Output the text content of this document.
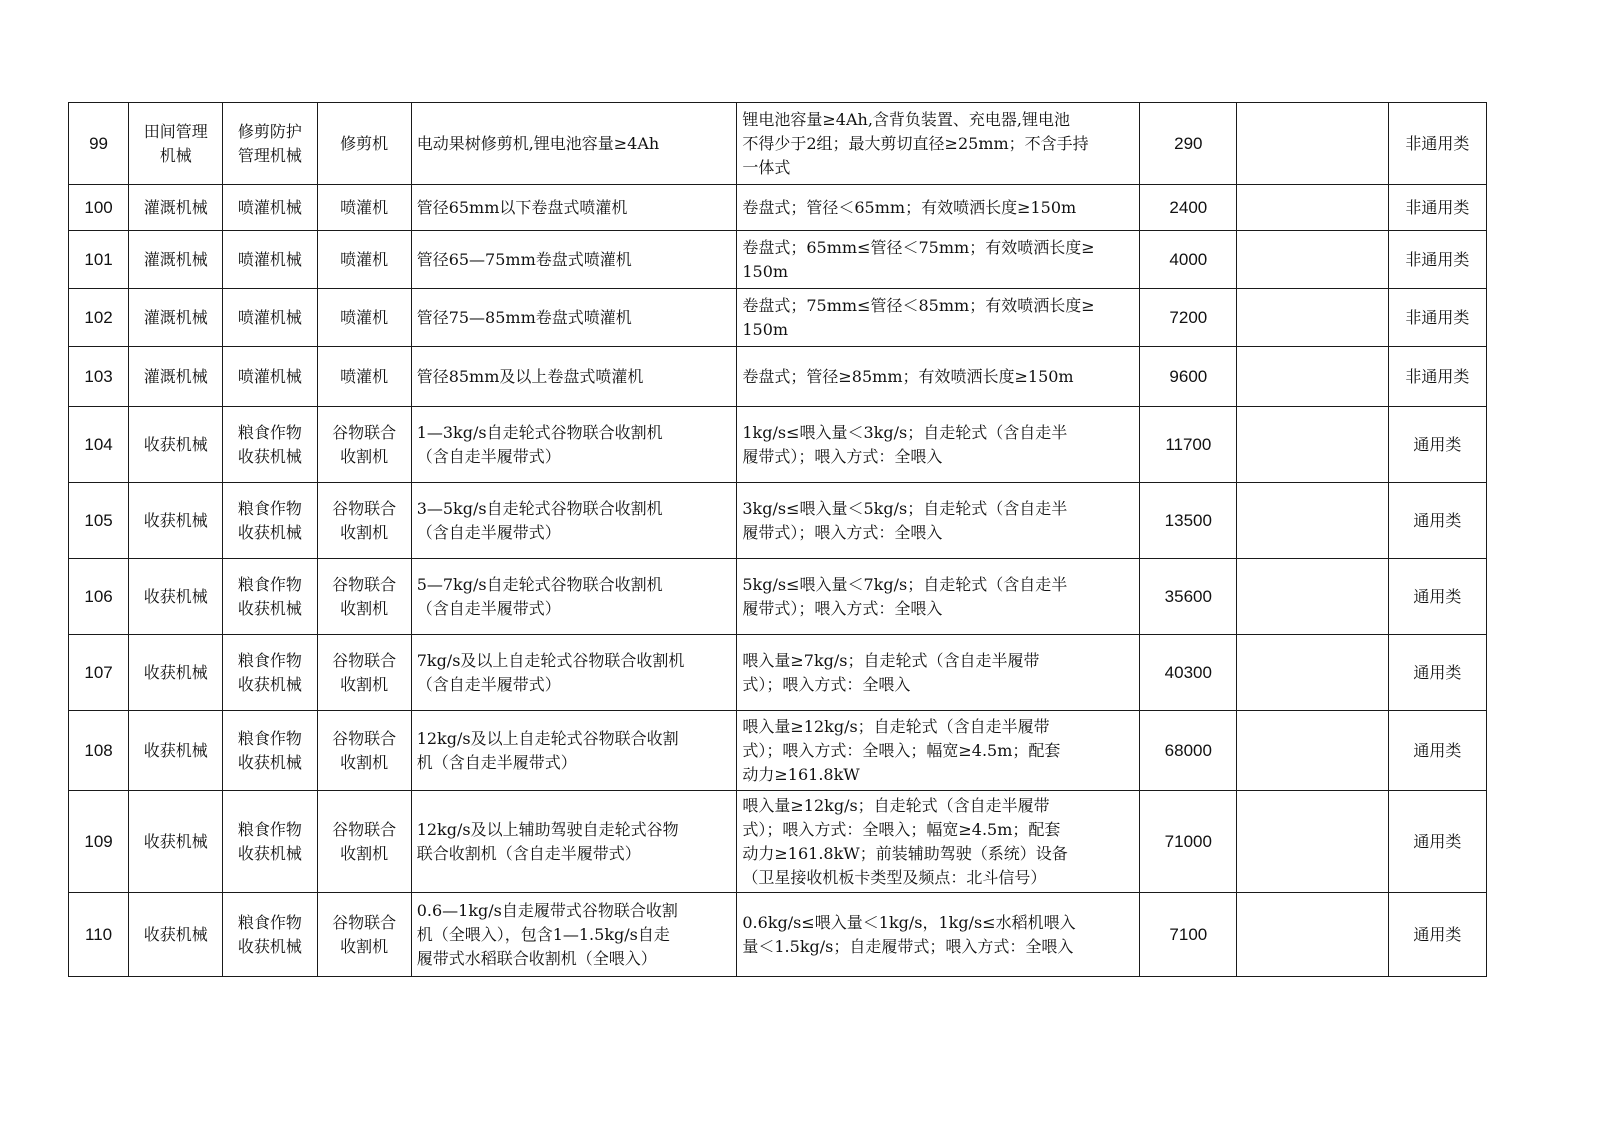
99	田间管理
机械	修剪防护
管理机械	修剪机	电动果树修剪机,锂电池容量≥4Ah	锂电池容量≥4Ah,含背负装置、充电器,锂电池
不得少于2组；最大剪切直径≥25mm；不含手持
一体式	290		非通用类

100	灌溉机械	喷灌机械	喷灌机	管径65mm以下卷盘式喷灌机	卷盘式；管径＜65mm；有效喷洒长度≥150m	2400		非通用类

101	灌溉机械	喷灌机械	喷灌机	管径65—75mm卷盘式喷灌机	卷盘式；65mm≤管径＜75mm；有效喷洒长度≥
150m	4000		非通用类

102	灌溉机械	喷灌机械	喷灌机	管径75—85mm卷盘式喷灌机	卷盘式；75mm≤管径＜85mm；有效喷洒长度≥
150m	7200		非通用类

103	灌溉机械	喷灌机械	喷灌机	管径85mm及以上卷盘式喷灌机	卷盘式；管径≥85mm；有效喷洒长度≥150m	9600		非通用类

104	收获机械	粮食作物
收获机械	谷物联合
收割机	1—3kg/s自走轮式谷物联合收割机
（含自走半履带式）	1kg/s≤喂入量＜3kg/s；自走轮式（含自走半
履带式）；喂入方式：全喂入	11700		通用类

105	收获机械	粮食作物
收获机械	谷物联合
收割机	3—5kg/s自走轮式谷物联合收割机
（含自走半履带式）	3kg/s≤喂入量＜5kg/s；自走轮式（含自走半
履带式）；喂入方式：全喂入	13500		通用类

106	收获机械	粮食作物
收获机械	谷物联合
收割机	5—7kg/s自走轮式谷物联合收割机
（含自走半履带式）	5kg/s≤喂入量＜7kg/s；自走轮式（含自走半
履带式）；喂入方式：全喂入	35600		通用类

107	收获机械	粮食作物
收获机械	谷物联合
收割机	7kg/s及以上自走轮式谷物联合收割机
（含自走半履带式）	喂入量≥7kg/s；自走轮式（含自走半履带
式）；喂入方式：全喂入	40300		通用类

108	收获机械	粮食作物
收获机械	谷物联合
收割机	12kg/s及以上自走轮式谷物联合收割
机（含自走半履带式）	喂入量≥12kg/s；自走轮式（含自走半履带
式）；喂入方式：全喂入；幅宽≥4.5m；配套
动力≥161.8kW	68000		通用类

109	收获机械	粮食作物
收获机械	谷物联合
收割机	12kg/s及以上辅助驾驶自走轮式谷物
联合收割机（含自走半履带式）	喂入量≥12kg/s；自走轮式（含自走半履带
式）；喂入方式：全喂入；幅宽≥4.5m；配套
动力≥161.8kW；前装辅助驾驶（系统）设备
（卫星接收机板卡类型及频点：北斗信号）	71000		通用类

110	收获机械	粮食作物
收获机械	谷物联合
收割机	0.6—1kg/s自走履带式谷物联合收割
机（全喂入），包含1—1.5kg/s自走
履带式水稻联合收割机（全喂入）	0.6kg/s≤喂入量＜1kg/s，1kg/s≤水稻机喂入
量＜1.5kg/s；自走履带式；喂入方式：全喂入	7100		通用类
